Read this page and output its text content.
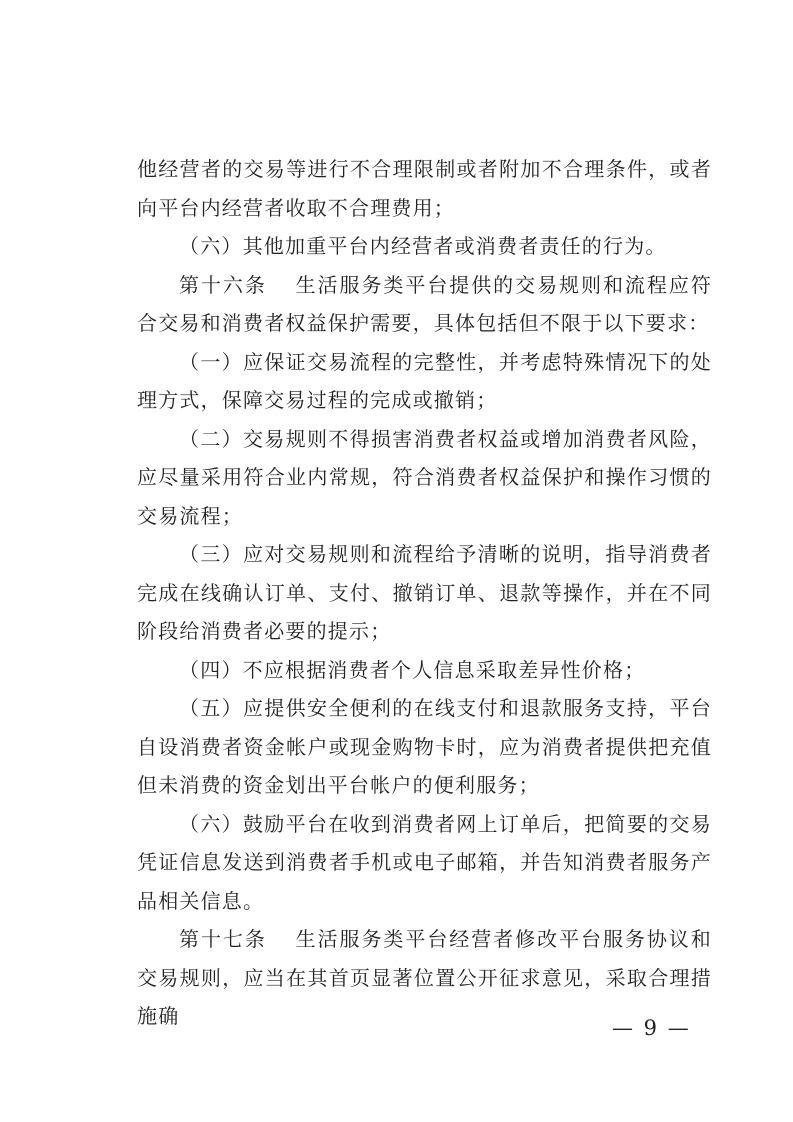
他经营者的交易等进行不合理限制或者附加不合理条件，或者向平台内经营者收取不合理费用；

（六）其他加重平台内经营者或消费者责任的行为。

第十六条 生活服务类平台提供的交易规则和流程应符合交易和消费者权益保护需要，具体包括但不限于以下要求：

（一）应保证交易流程的完整性，并考虑特殊情况下的处理方式，保障交易过程的完成或撤销；

（二）交易规则不得损害消费者权益或增加消费者风险，应尽量采用符合业内常规，符合消费者权益保护和操作习惯的交易流程；

（三）应对交易规则和流程给予清晰的说明，指导消费者完成在线确认订单、支付、撤销订单、退款等操作，并在不同阶段给消费者必要的提示；

（四）不应根据消费者个人信息采取差异性价格；

（五）应提供安全便利的在线支付和退款服务支持，平台自设消费者资金帐户或现金购物卡时，应为消费者提供把充值但未消费的资金划出平台帐户的便利服务；

（六）鼓励平台在收到消费者网上订单后，把简要的交易凭证信息发送到消费者手机或电子邮箱，并告知消费者服务产品相关信息。

第十七条 生活服务类平台经营者修改平台服务协议和交易规则，应当在其首页显著位置公开征求意见，采取合理措施确	— 9 —
